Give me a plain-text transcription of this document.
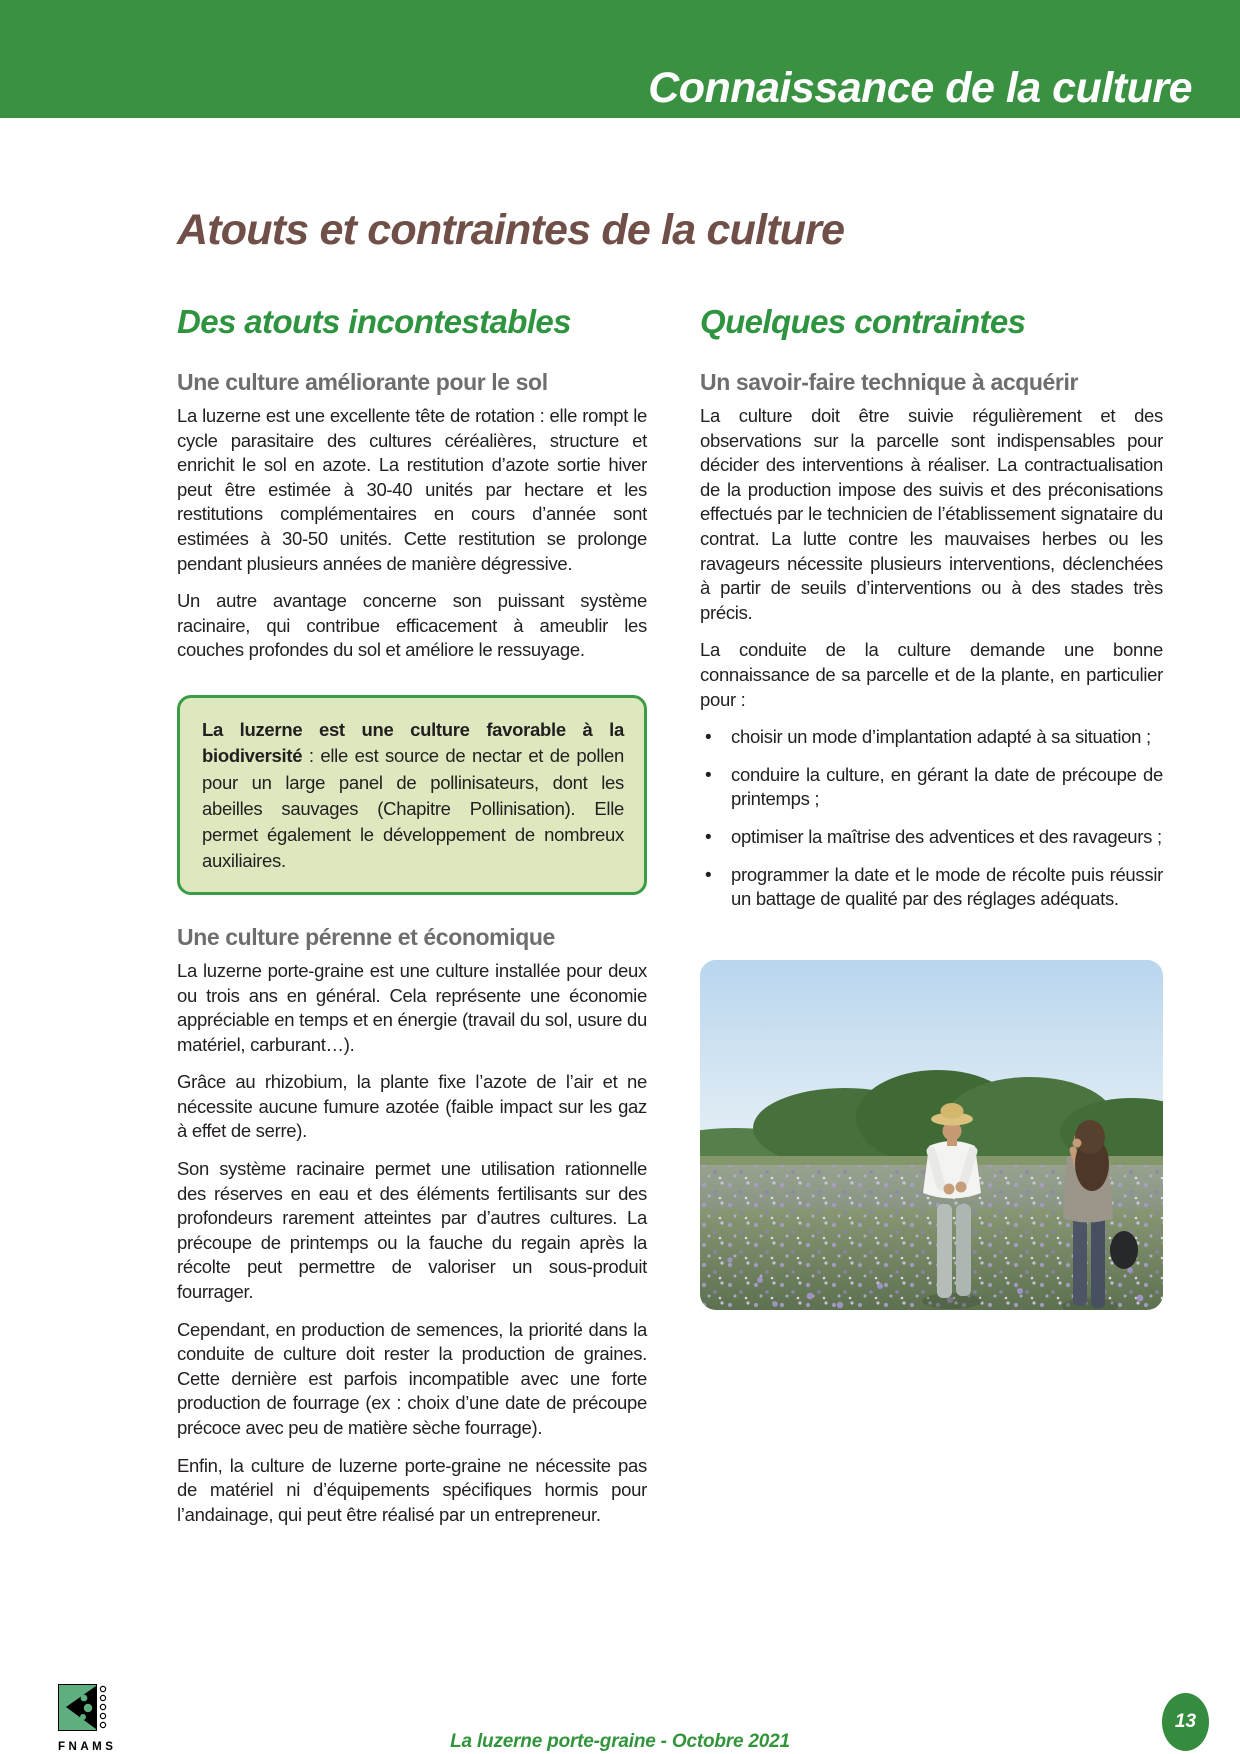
Connaissance de la culture
Atouts et contraintes de la culture
Des atouts incontestables
Une culture améliorante pour le sol

La luzerne est une excellente tête de rotation : elle rompt le cycle parasitaire des cultures céréalières, structure et enrichit le sol en azote. La restitution d’azote sortie hiver peut être estimée à 30-40 unités par hectare et les restitutions complémentaires en cours d’année sont estimées à 30-50 unités. Cette restitution se prolonge pendant plusieurs années de manière dégressive.

Un autre avantage concerne son puissant système racinaire, qui contribue efficacement à ameublir les couches profondes du sol et améliore le ressuyage.

La luzerne est une culture favorable à la biodiversité : elle est source de nectar et de pollen pour un large panel de pollinisateurs, dont les abeilles sauvages (Chapitre Pollinisation). Elle permet également le développement de nombreux auxiliaires.

Une culture pérenne et économique

La luzerne porte-graine est une culture installée pour deux ou trois ans en général. Cela représente une économie appréciable en temps et en énergie (travail du sol, usure du matériel, carburant…).

Grâce au rhizobium, la plante fixe l’azote de l’air et ne nécessite aucune fumure azotée (faible impact sur les gaz à effet de serre).

Son système racinaire permet une utilisation rationnelle des réserves en eau et des éléments fertilisants sur des profondeurs rarement atteintes par d’autres cultures. La précoupe de printemps ou la fauche du regain après la récolte peut permettre de valoriser un sous-produit fourrager.

Cependant, en production de semences, la priorité dans la conduite de culture doit rester la production de graines. Cette dernière est parfois incompatible avec une forte production de fourrage (ex : choix d’une date de précoupe précoce avec peu de matière sèche fourrage).

Enfin, la culture de luzerne porte-graine ne nécessite pas de matériel ni d’équipements spécifiques hormis pour l’andainage, qui peut être réalisé par un entrepreneur.

Quelques contraintes
Un savoir-faire technique à acquérir

La culture doit être suivie régulièrement et des observations sur la parcelle sont indispensables pour décider des interventions à réaliser. La contractualisation de la production impose des suivis et des préconisations effectués par le technicien de l’établissement signataire du contrat. La lutte contre les mauvaises herbes ou les ravageurs nécessite plusieurs interventions, déclenchées à partir de seuils d’interventions ou à des stades très précis.

La conduite de la culture demande une bonne connaissance de sa parcelle et de la plante, en particulier pour :

• choisir un mode d’implantation adapté à sa situation ;
• conduire la culture, en gérant la date de précoupe de printemps ;
• optimiser la maîtrise des adventices et des ravageurs ;
• programmer la date et le mode de récolte puis réussir un battage de qualité par des réglages adéquats.
FNAMS	La luzerne porte-graine - Octobre 2021
13
